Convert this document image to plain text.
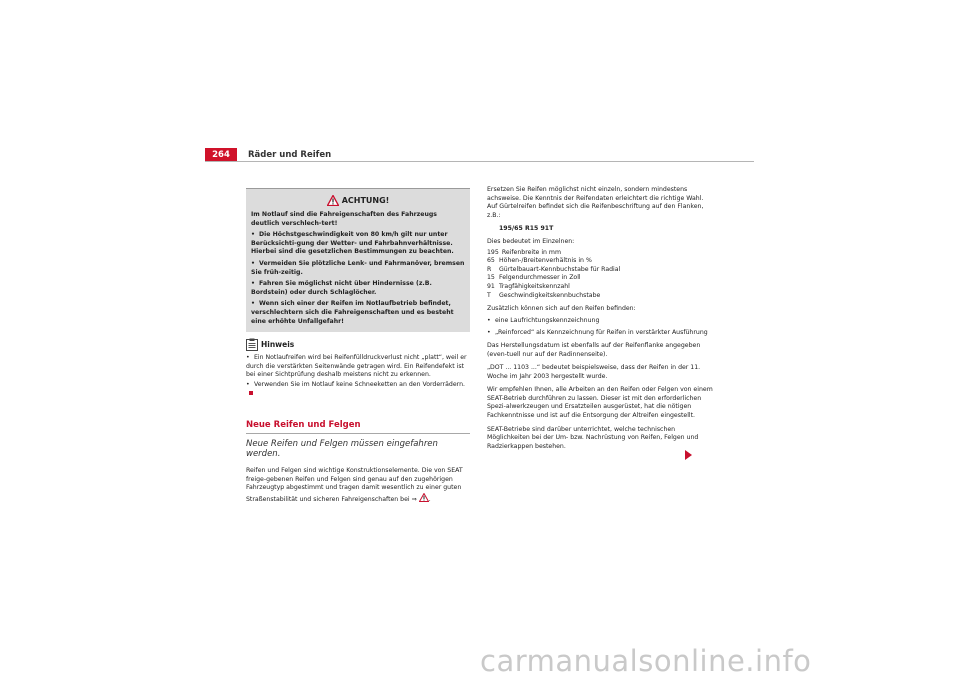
264	Räder und Reifen
ACHTUNG!

Im Notlauf sind die Fahreigenschaften des Fahrzeugs deutlich verschlech-tert!

• Die Höchstgeschwindigkeit von 80 km/h gilt nur unter Berücksichti-gung der Wetter- und Fahrbahnverhältnisse. Hierbei sind die gesetzlichen Bestimmungen zu beachten.

• Vermeiden Sie plötzliche Lenk- und Fahrmanöver, bremsen Sie früh-zeitig.

• Fahren Sie möglichst nicht über Hindernisse (z.B. Bordstein) oder durch Schlaglöcher.

• Wenn sich einer der Reifen im Notlaufbetrieb befindet, verschlechtern sich die Fahreigenschaften und es besteht eine erhöhte Unfallgefahr!

Hinweis

• Ein Notlaufreifen wird bei Reifenfülldruckverlust nicht „platt“, weil er durch die verstärkten Seitenwände getragen wird. Ein Reifendefekt ist bei einer Sichtprüfung deshalb meistens nicht zu erkennen.

• Verwenden Sie im Notlauf keine Schneeketten an den Vorderrädern.

Neue Reifen und Felgen
Neue Reifen und Felgen müssen eingefahren werden.
Reifen und Felgen sind wichtige Konstruktionselemente. Die von SEAT freige-gebenen Reifen und Felgen sind genau auf den zugehörigen Fahrzeugtyp abgestimmt und tragen damit wesentlich zu einer guten Straßenstabilität und sicheren Fahreigenschaften bei ⇒ .

Ersetzen Sie Reifen möglichst nicht einzeln, sondern mindestens achsweise. Die Kenntnis der Reifendaten erleichtert die richtige Wahl. Auf Gürtelreifen befindet sich die Reifenbeschriftung auf den Flanken, z.B.:

195/65 R15 91T

Dies bedeutet im Einzelnen:

195 Reifenbreite in mm
65 Höhen-/Breitenverhältnis in %
R	Gürtelbauart-Kennbuchstabe für Radial
15 Felgendurchmesser in Zoll
91 Tragfähigkeitskennzahl
T	Geschwindigkeitskennbuchstabe

Zusätzlich können sich auf den Reifen befinden:

• eine Laufrichtungskennzeichnung
• „Reinforced“ als Kennzeichnung für Reifen in verstärkter Ausführung

Das Herstellungsdatum ist ebenfalls auf der Reifenflanke angegeben (even-tuell nur auf der Radinnenseite).

„DOT ... 1103 ...“ bedeutet beispielsweise, dass der Reifen in der 11. Woche im Jahr 2003 hergestellt wurde.

Wir empfehlen Ihnen, alle Arbeiten an den Reifen oder Felgen von einem SEAT-Betrieb durchführen zu lassen. Dieser ist mit den erforderlichen Spezi-alwerkzeugen und Ersatzteilen ausgerüstet, hat die nötigen Fachkenntnisse und ist auf die Entsorgung der Altreifen eingestellt.

SEAT-Betriebe sind darüber unterrichtet, welche technischen Möglichkeiten bei der Um- bzw. Nachrüstung von Reifen, Felgen und Radzierkappen bestehen.

carmanualsonline.info
